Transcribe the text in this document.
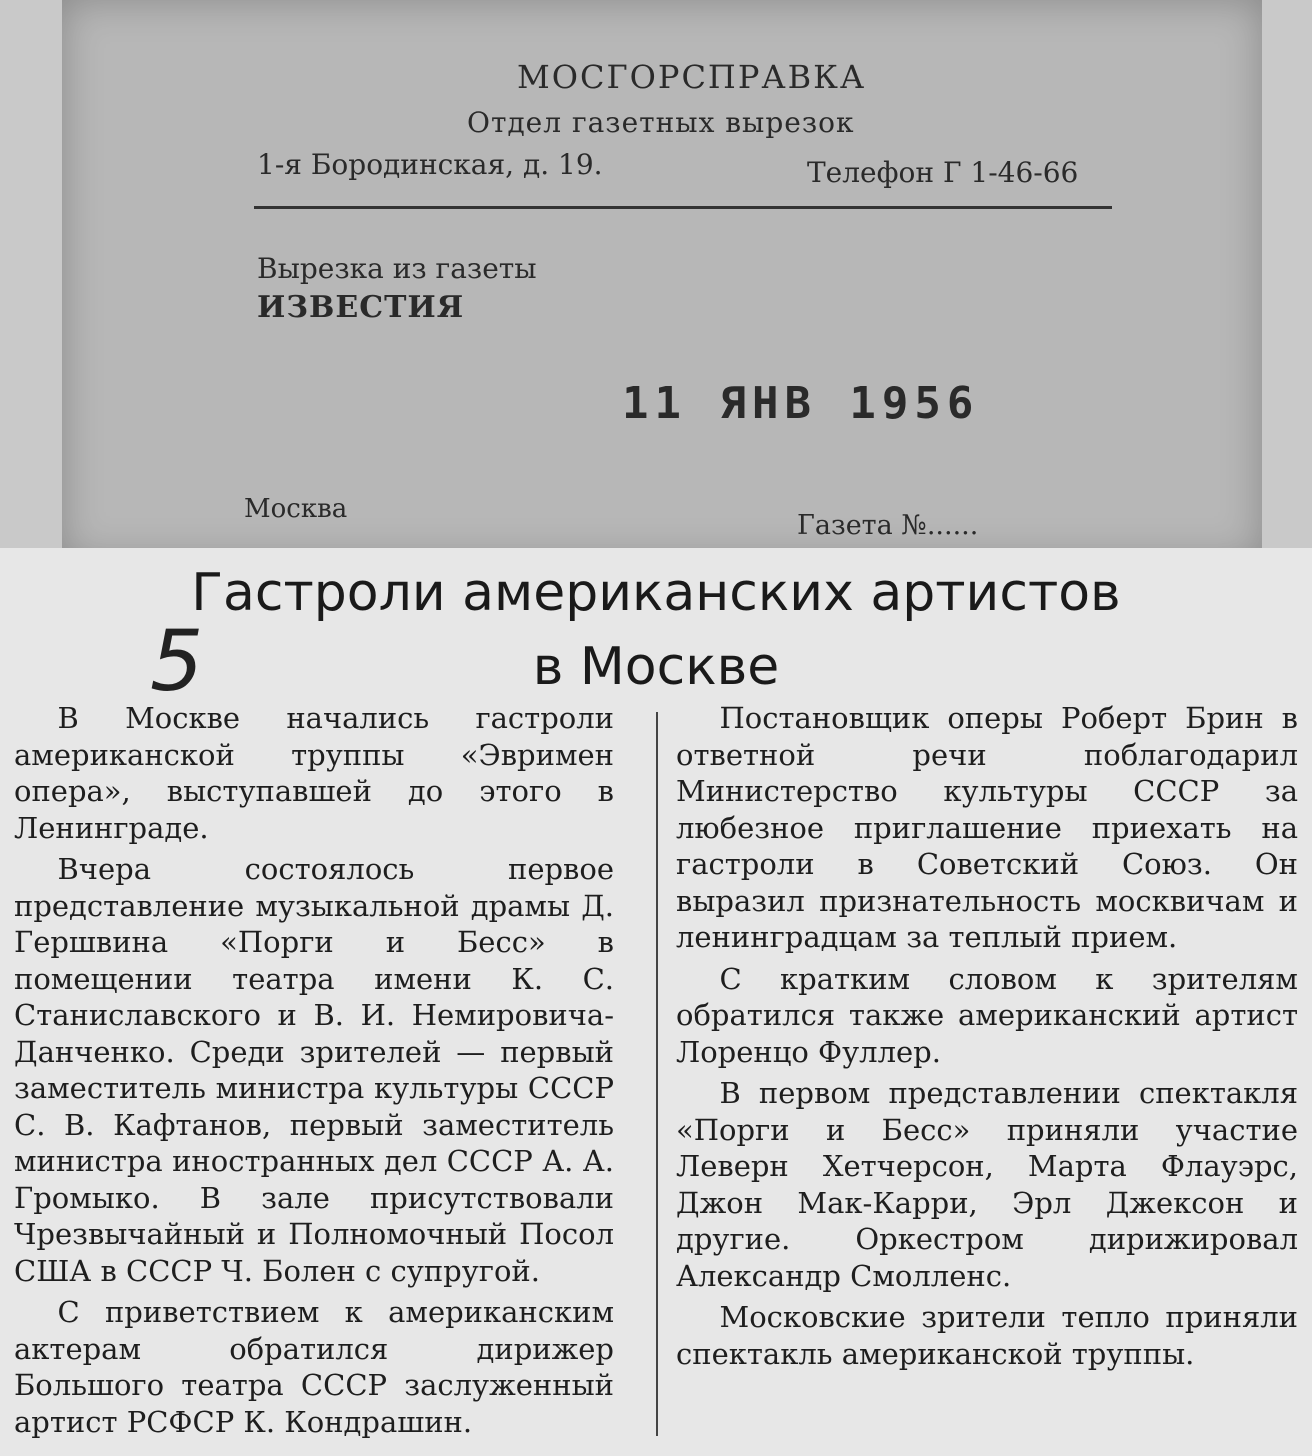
МОСГОРСПРАВКА
Отдел газетных вырезок
1-я Бородинская, д. 19.	Телефон Г 1-46-66
Вырезка из газеты
ИЗВЕСТИЯ
11 ЯНВ 1956
Москва
Газета №......
Гастроли американских артистов
в Москве
5

В Москве начались гастроли американской труппы «Эвримен опера», выступавшей до этого в Ленинграде.

Вчера состоялось первое представление музыкальной драмы Д. Гершвина «Порги и Бесс» в помещении театра имени К. С. Станиславского и В. И. Немировича-Данченко. Среди зрителей — первый заместитель министра культуры СССР С. В. Кафтанов, первый заместитель министра иностранных дел СССР А. А. Громыко. В зале присутствовали Чрезвычайный и Полномочный Посол США в СССР Ч. Болен с супругой.

С приветствием к американским актерам обратился дирижер Большого театра СССР заслуженный артист РСФСР К. Кондрашин.

Постановщик оперы Роберт Брин в ответной речи поблагодарил Министерство культуры СССР за любезное приглашение приехать на гастроли в Советский Союз. Он выразил признательность москвичам и ленинградцам за теплый прием.

С кратким словом к зрителям обратился также американский артист Лоренцо Фуллер.

В первом представлении спектакля «Порги и Бесс» приняли участие Леверн Хетчерсон, Марта Флауэрс, Джон Мак-Карри, Эрл Джексон и другие. Оркестром дирижировал Александр Смолленс.

Московские зрители тепло приняли спектакль американской труппы.
